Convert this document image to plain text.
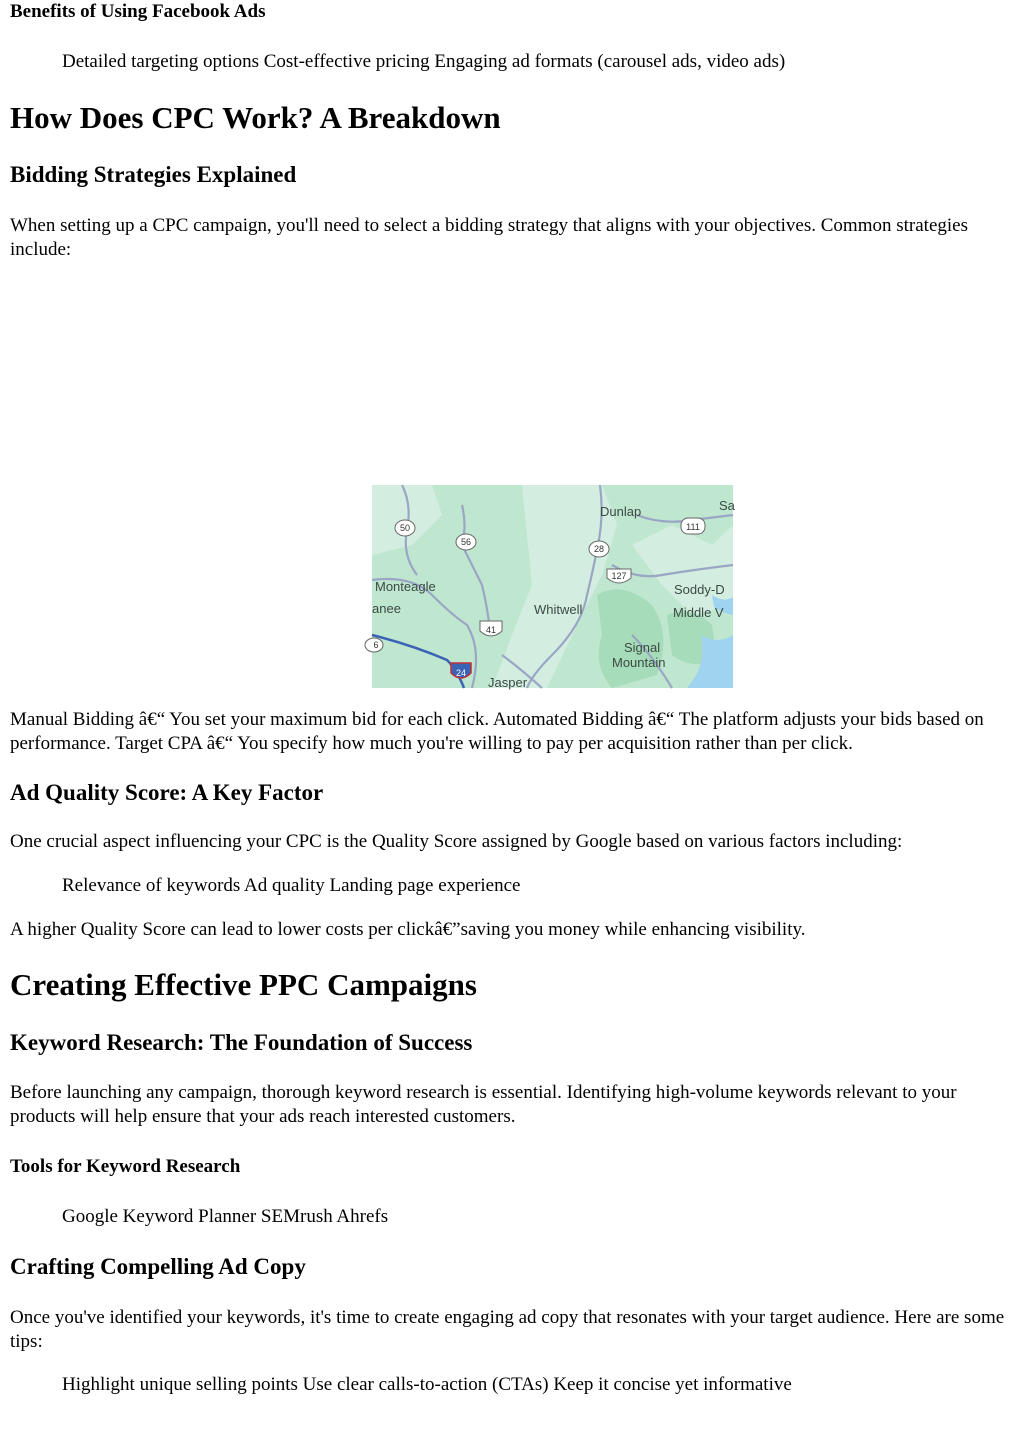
Benefits of Using Facebook Ads

Detailed targeting options Cost-effective pricing Engaging ad formats (carousel ads, video ads)

How Does CPC Work? A Breakdown
Bidding Strategies Explained

When setting up a CPC campaign, you'll need to select a bidding strategy that aligns with your objectives. Common strategies include:

50
56
28
111
127
41
24
6
Dunlap	Sa
Monteagle
anee	Whitwell
Soddy-D
Middle V
Signal
Mountain
Jasper

Manual Bidding â€“ You set your maximum bid for each click. Automated Bidding â€“ The platform adjusts your bids based on performance. Target CPA â€“ You specify how much you're willing to pay per acquisition rather than per click.

Ad Quality Score: A Key Factor

One crucial aspect influencing your CPC is the Quality Score assigned by Google based on various factors including:

Relevance of keywords Ad quality Landing page experience

A higher Quality Score can lead to lower costs per clickâ€”saving you money while enhancing visibility.

Creating Effective PPC Campaigns
Keyword Research: The Foundation of Success

Before launching any campaign, thorough keyword research is essential. Identifying high-volume keywords relevant to your products will help ensure that your ads reach interested customers.

Tools for Keyword Research

Google Keyword Planner SEMrush Ahrefs

Crafting Compelling Ad Copy

Once you've identified your keywords, it's time to create engaging ad copy that resonates with your target audience. Here are some tips:

Highlight unique selling points Use clear calls-to-action (CTAs) Keep it concise yet informative
